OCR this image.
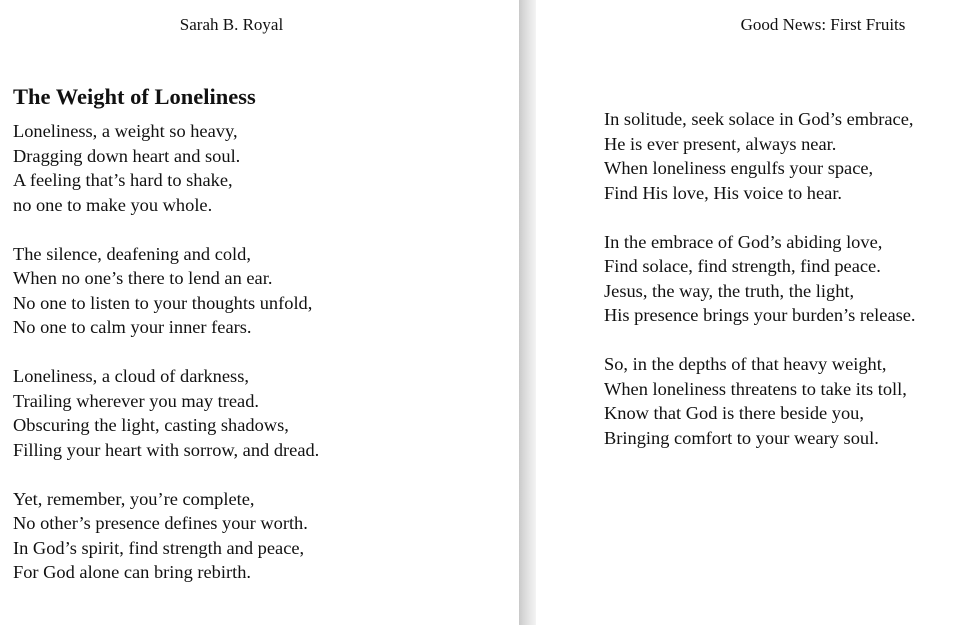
Sarah B. Royal
The Weight of Loneliness
Loneliness, a weight so heavy,
Dragging down heart and soul.
A feeling that’s hard to shake,
no one to make you whole.
The silence, deafening and cold,
When no one’s there to lend an ear.
No one to listen to your thoughts unfold,
No one to calm your inner fears.
Loneliness, a cloud of darkness,
Trailing wherever you may tread.
Obscuring the light, casting shadows,
Filling your heart with sorrow, and dread.
Yet, remember, you’re complete,
No other’s presence defines your worth.
In God’s spirit, find strength and peace,
For God alone can bring rebirth.
Good News: First Fruits
In solitude, seek solace in God’s embrace,
He is ever present, always near.
When loneliness engulfs your space,
Find His love, His voice to hear.
In the embrace of God’s abiding love,
Find solace, find strength, find peace.
Jesus, the way, the truth, the light,
His presence brings your burden’s release.
So, in the depths of that heavy weight,
When loneliness threatens to take its toll,
Know that God is there beside you,
Bringing comfort to your weary soul.
